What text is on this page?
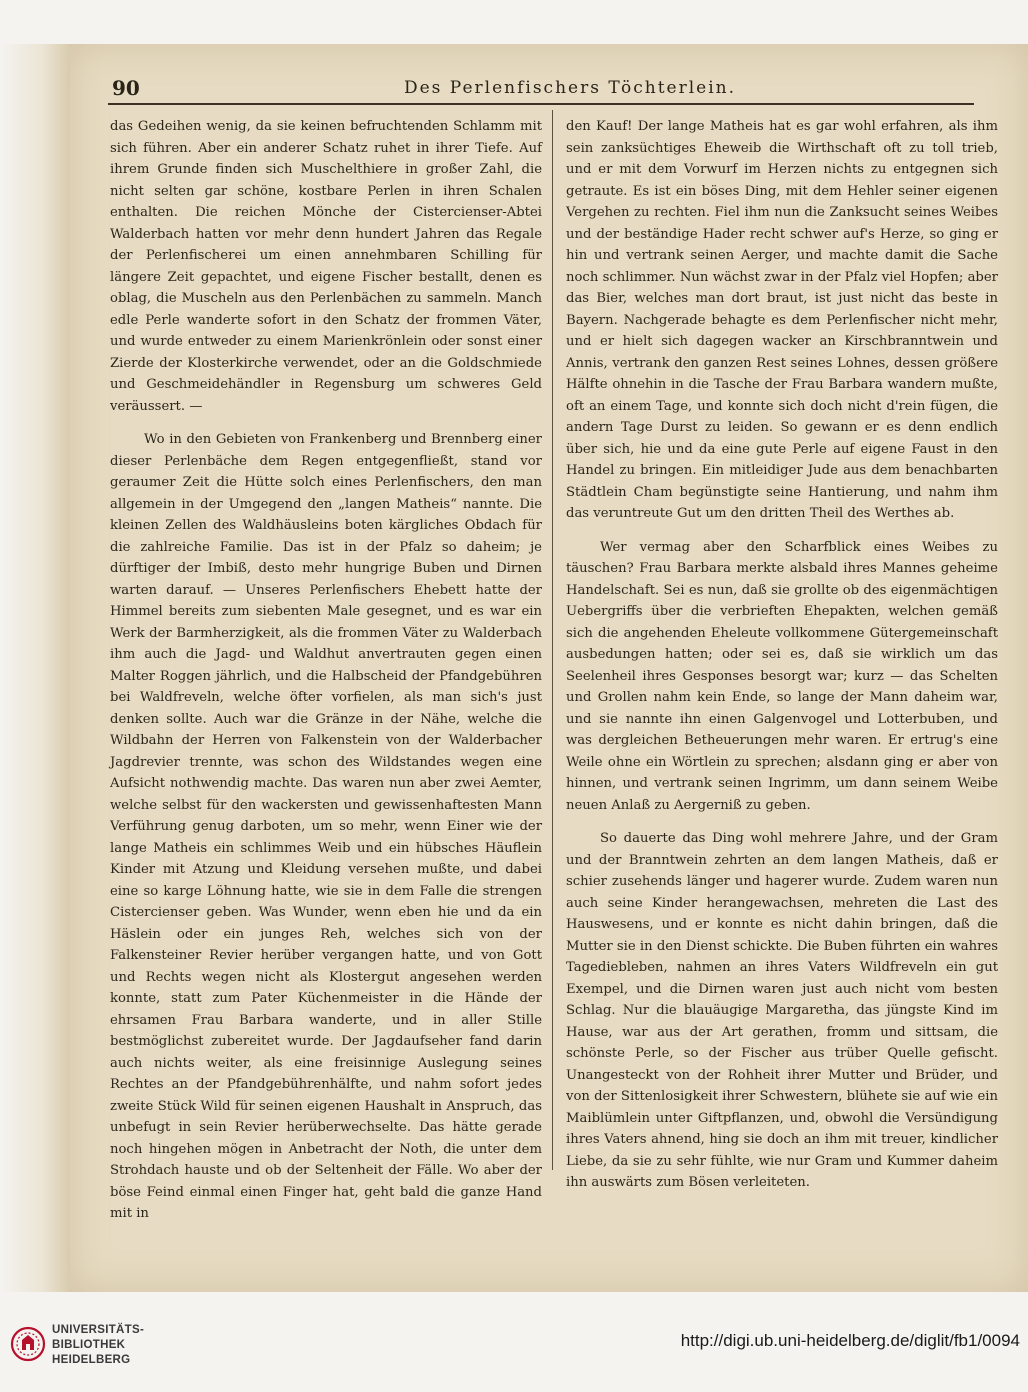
90	Des Perlenfischers Töchterlein.

das Gedeihen wenig, da sie keinen befruchtenden Schlamm mit sich führen. Aber ein anderer Schatz ruhet in ihrer Tiefe. Auf ihrem Grunde finden sich Muschelthiere in großer Zahl, die nicht selten gar schöne, kostbare Perlen in ihren Schalen enthalten. Die reichen Mönche der Cistercienser-Abtei Walderbach hatten vor mehr denn hundert Jahren das Regale der Perlenfischerei um einen annehmbaren Schilling für längere Zeit gepachtet, und eigene Fischer bestallt, denen es oblag, die Muscheln aus den Perlenbächen zu sammeln. Manch edle Perle wanderte sofort in den Schatz der frommen Väter, und wurde entweder zu einem Marienkrönlein oder sonst einer Zierde der Klosterkirche verwendet, oder an die Goldschmiede und Geschmeidehändler in Regensburg um schweres Geld veräussert. —

Wo in den Gebieten von Frankenberg und Brennberg einer dieser Perlenbäche dem Regen entgegenfließt, stand vor geraumer Zeit die Hütte solch eines Perlenfischers, den man allgemein in der Umgegend den „langen Matheis“ nannte. Die kleinen Zellen des Waldhäusleins boten kärgliches Obdach für die zahlreiche Familie. Das ist in der Pfalz so daheim; je dürftiger der Imbiß, desto mehr hungrige Buben und Dirnen warten darauf. — Unseres Perlenfischers Ehebett hatte der Himmel bereits zum siebenten Male gesegnet, und es war ein Werk der Barmherzigkeit, als die frommen Väter zu Walderbach ihm auch die Jagd- und Waldhut anvertrauten gegen einen Malter Roggen jährlich, und die Halbscheid der Pfandgebühren bei Waldfreveln, welche öfter vorfielen, als man sich's just denken sollte. Auch war die Gränze in der Nähe, welche die Wildbahn der Herren von Falkenstein von der Walderbacher Jagdrevier trennte, was schon des Wildstandes wegen eine Aufsicht nothwendig machte. Das waren nun aber zwei Aemter, welche selbst für den wackersten und gewissenhaftesten Mann Verführung genug darboten, um so mehr, wenn Einer wie der lange Matheis ein schlimmes Weib und ein hübsches Häuflein Kinder mit Atzung und Kleidung versehen mußte, und dabei eine so karge Löhnung hatte, wie sie in dem Falle die strengen Cistercienser geben. Was Wunder, wenn eben hie und da ein Häslein oder ein junges Reh, welches sich von der Falkensteiner Revier herüber vergangen hatte, und von Gott und Rechts wegen nicht als Klostergut angesehen werden konnte, statt zum Pater Küchenmeister in die Hände der ehrsamen Frau Barbara wanderte, und in aller Stille bestmöglichst zubereitet wurde. Der Jagdaufseher fand darin auch nichts weiter, als eine freisinnige Auslegung seines Rechtes an der Pfandgebührenhälfte, und nahm sofort jedes zweite Stück Wild für seinen eigenen Haushalt in Anspruch, das unbefugt in sein Revier herüberwechselte. Das hätte gerade noch hingehen mögen in Anbetracht der Noth, die unter dem Strohdach hauste und ob der Seltenheit der Fälle. Wo aber der böse Feind einmal einen Finger hat, geht bald die ganze Hand mit in

den Kauf! Der lange Matheis hat es gar wohl erfahren, als ihm sein zanksüchtiges Eheweib die Wirthschaft oft zu toll trieb, und er mit dem Vorwurf im Herzen nichts zu entgegnen sich getraute. Es ist ein böses Ding, mit dem Hehler seiner eigenen Vergehen zu rechten. Fiel ihm nun die Zanksucht seines Weibes und der beständige Hader recht schwer auf's Herze, so ging er hin und vertrank seinen Aerger, und machte damit die Sache noch schlimmer. Nun wächst zwar in der Pfalz viel Hopfen; aber das Bier, welches man dort braut, ist just nicht das beste in Bayern. Nachgerade behagte es dem Perlenfischer nicht mehr, und er hielt sich dagegen wacker an Kirschbranntwein und Annis, vertrank den ganzen Rest seines Lohnes, dessen größere Hälfte ohnehin in die Tasche der Frau Barbara wandern mußte, oft an einem Tage, und konnte sich doch nicht d'rein fügen, die andern Tage Durst zu leiden. So gewann er es denn endlich über sich, hie und da eine gute Perle auf eigene Faust in den Handel zu bringen. Ein mitleidiger Jude aus dem benachbarten Städtlein Cham begünstigte seine Hantierung, und nahm ihm das veruntreute Gut um den dritten Theil des Werthes ab.

Wer vermag aber den Scharfblick eines Weibes zu täuschen? Frau Barbara merkte alsbald ihres Mannes geheime Handelschaft. Sei es nun, daß sie grollte ob des eigenmächtigen Uebergriffs über die verbrieften Ehepakten, welchen gemäß sich die angehenden Eheleute vollkommene Gütergemeinschaft ausbedungen hatten; oder sei es, daß sie wirklich um das Seelenheil ihres Gesponses besorgt war; kurz — das Schelten und Grollen nahm kein Ende, so lange der Mann daheim war, und sie nannte ihn einen Galgenvogel und Lotterbuben, und was dergleichen Betheuerungen mehr waren. Er ertrug's eine Weile ohne ein Wörtlein zu sprechen; alsdann ging er aber von hinnen, und vertrank seinen Ingrimm, um dann seinem Weibe neuen Anlaß zu Aergerniß zu geben.

So dauerte das Ding wohl mehrere Jahre, und der Gram und der Branntwein zehrten an dem langen Matheis, daß er schier zusehends länger und hagerer wurde. Zudem waren nun auch seine Kinder herangewachsen, mehreten die Last des Hauswesens, und er konnte es nicht dahin bringen, daß die Mutter sie in den Dienst schickte. Die Buben führten ein wahres Tagediebleben, nahmen an ihres Vaters Wildfreveln ein gut Exempel, und die Dirnen waren just auch nicht vom besten Schlag. Nur die blauäugige Margaretha, das jüngste Kind im Hause, war aus der Art gerathen, fromm und sittsam, die schönste Perle, so der Fischer aus trüber Quelle gefischt. Unangesteckt von der Rohheit ihrer Mutter und Brüder, und von der Sittenlosigkeit ihrer Schwestern, blühete sie auf wie ein Maiblümlein unter Giftpflanzen, und, obwohl die Versündigung ihres Vaters ahnend, hing sie doch an ihm mit treuer, kindlicher Liebe, da sie zu sehr fühlte, wie nur Gram und Kummer daheim ihn auswärts zum Bösen verleiteten.

UNIVERSITÄTS-
BIBLIOTHEK
HEIDELBERG
http://digi.ub.uni-heidelberg.de/diglit/fb1/0094
